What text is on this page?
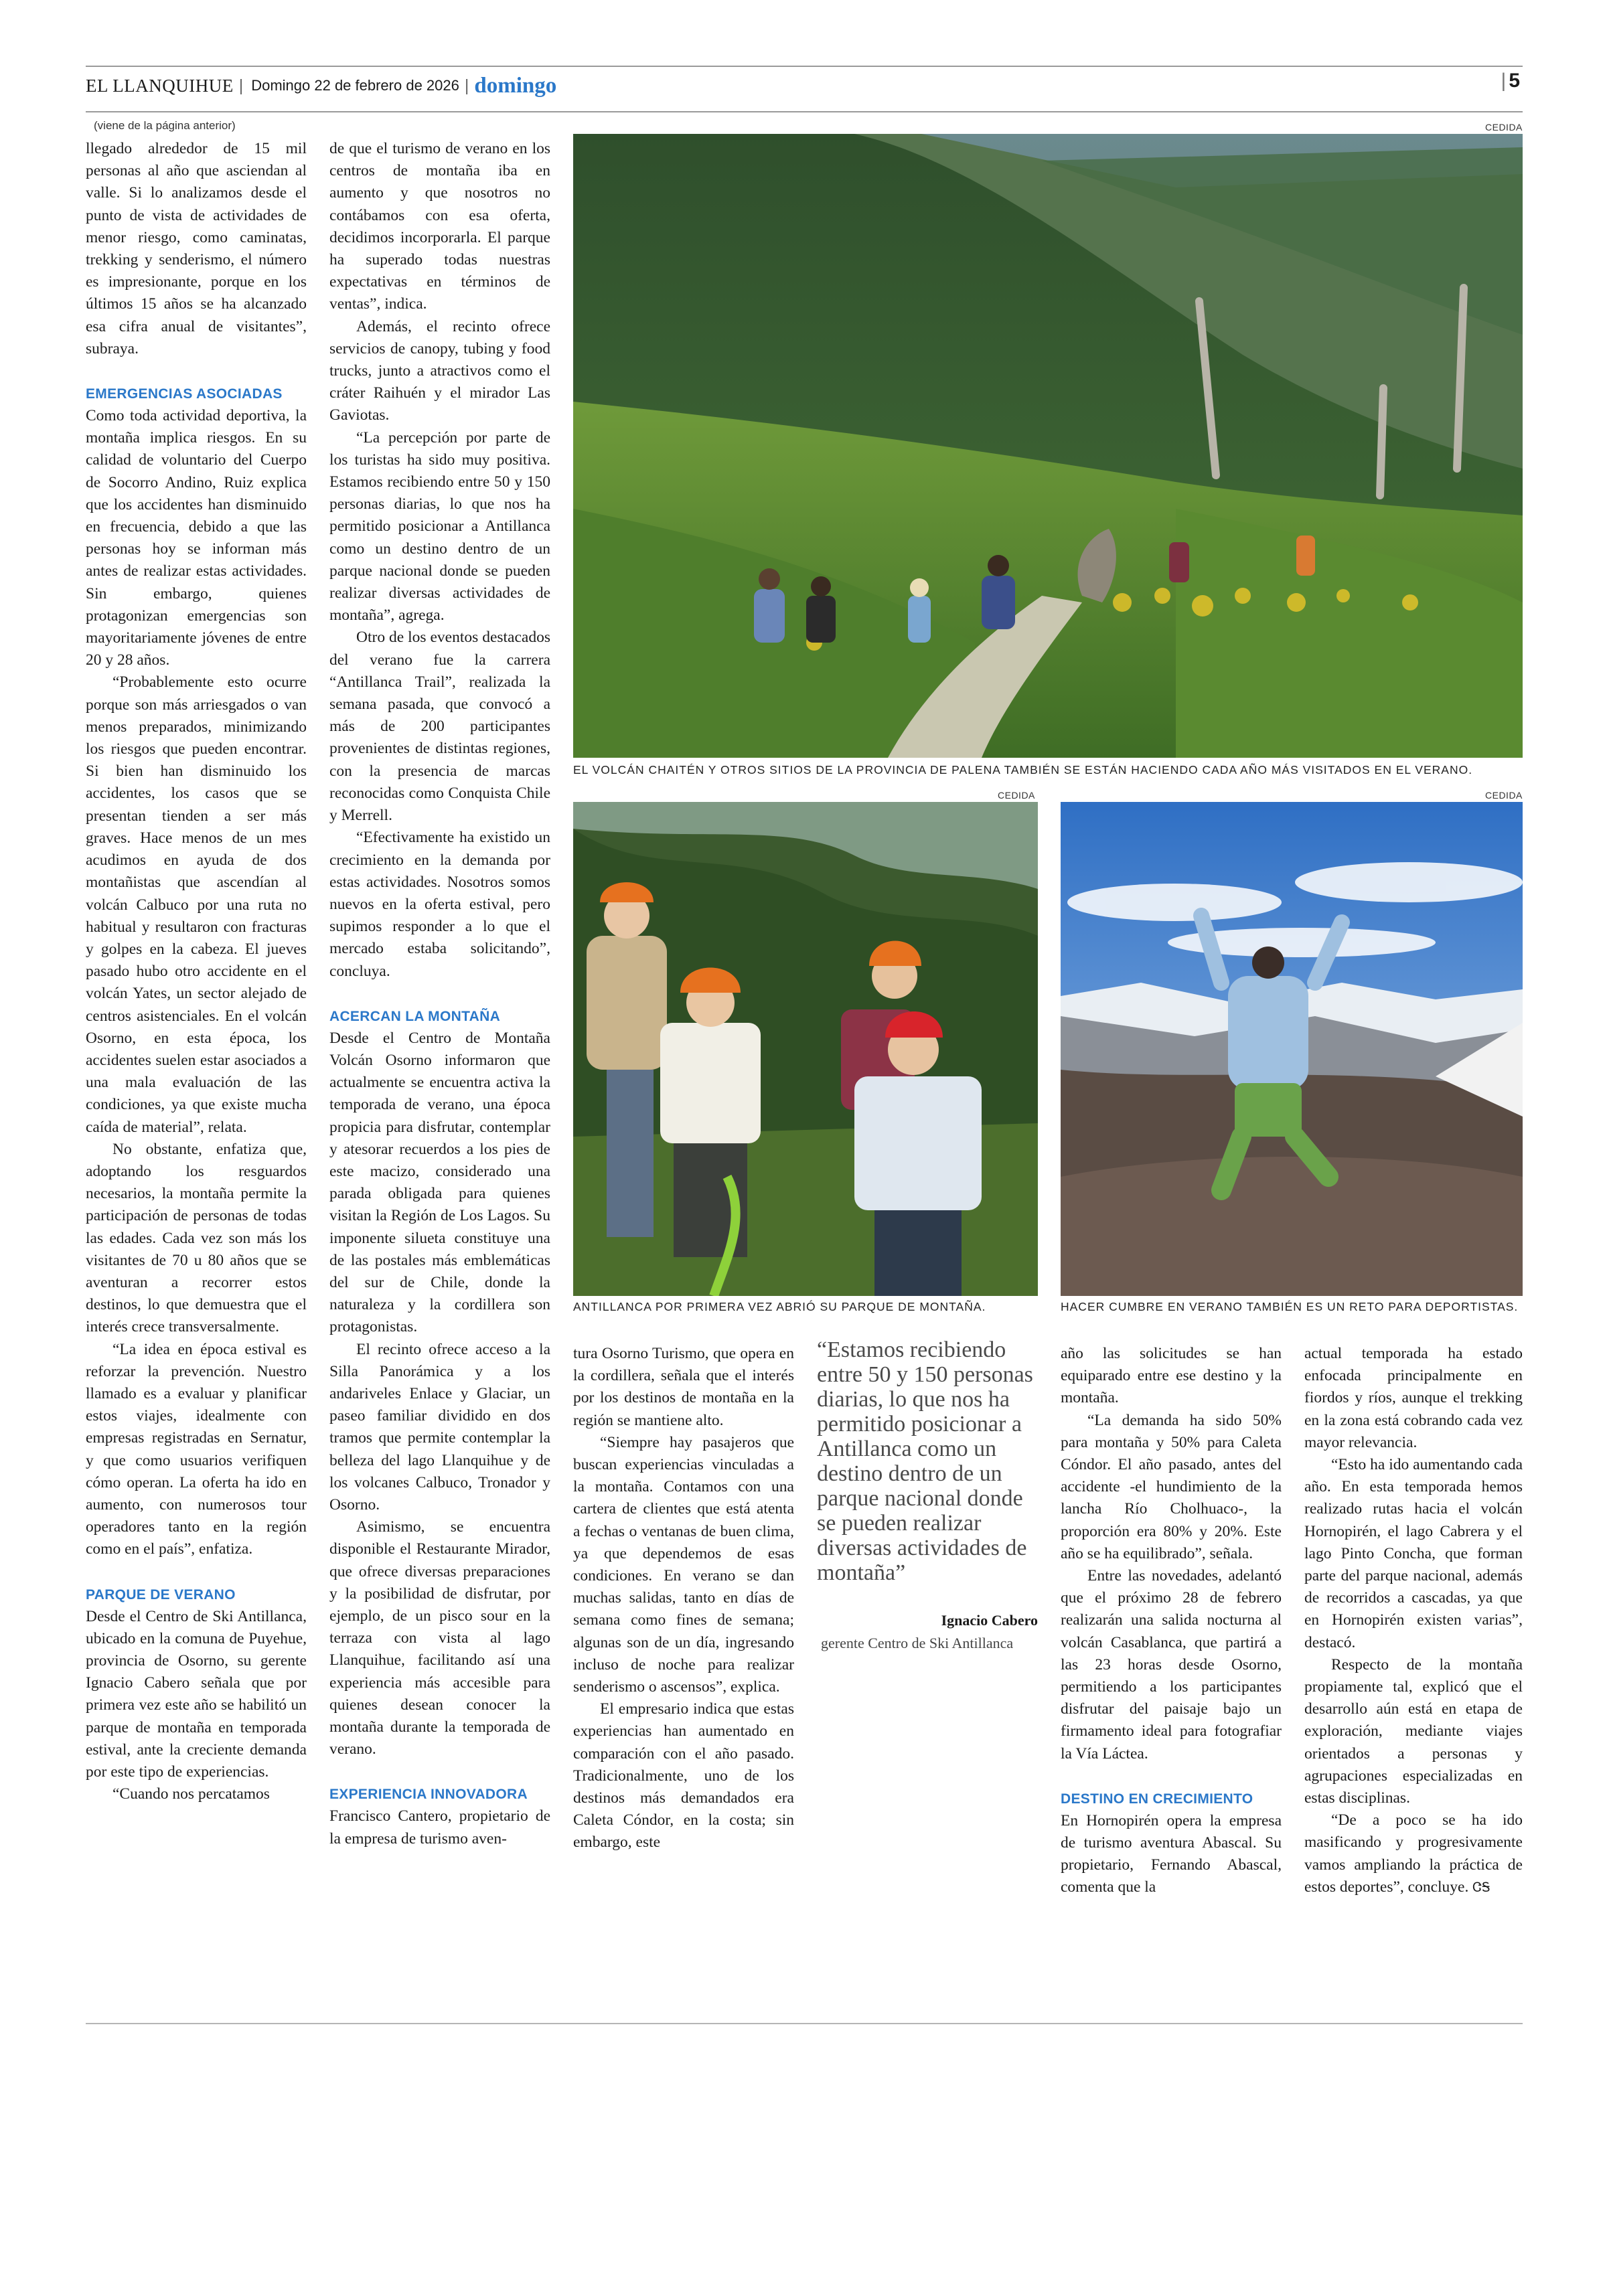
EL LLANQUIHUE | Domingo 22 de febrero de 2026 | domingo	| 5
(viene de la página anterior)

llegado alrededor de 15 mil personas al año que asciendan al valle. Si lo analizamos desde el punto de vista de actividades de menor riesgo, como caminatas, trekking y senderismo, el número es impresionante, porque en los últimos 15 años se ha alcanzado esa cifra anual de visitantes”, subraya.

EMERGENCIAS ASOCIADAS

Como toda actividad deportiva, la montaña implica riesgos. En su calidad de voluntario del Cuerpo de Socorro Andino, Ruiz explica que los accidentes han disminuido en frecuencia, debido a que las personas hoy se informan más antes de realizar estas actividades. Sin embargo, quienes protagonizan emergencias son mayoritariamente jóvenes de entre 20 y 28 años.

“Probablemente esto ocurre porque son más arriesgados o van menos preparados, minimizando los riesgos que pueden encontrar. Si bien han disminuido los accidentes, los casos que se presentan tienden a ser más graves. Hace menos de un mes acudimos en ayuda de dos montañistas que ascendían al volcán Calbuco por una ruta no habitual y resultaron con fracturas y golpes en la cabeza. El jueves pasado hubo otro accidente en el volcán Yates, un sector alejado de centros asistenciales. En el volcán Osorno, en esta época, los accidentes suelen estar asociados a una mala evaluación de las condiciones, ya que existe mucha caída de material”, relata.

No obstante, enfatiza que, adoptando los resguardos necesarios, la montaña permite la participación de personas de todas las edades. Cada vez son más los visitantes de 70 u 80 años que se aventuran a recorrer estos destinos, lo que demuestra que el interés crece transversalmente.

“La idea en época estival es reforzar la prevención. Nuestro llamado es a evaluar y planificar estos viajes, idealmente con empresas registradas en Sernatur, y que como usuarios verifiquen cómo operan. La oferta ha ido en aumento, con numerosos tour operadores tanto en la región como en el país”, enfatiza.

PARQUE DE VERANO

Desde el Centro de Ski Antillanca, ubicado en la comuna de Puyehue, provincia de Osorno, su gerente Ignacio Cabero señala que por primera vez este año se habilitó un parque de montaña en temporada estival, ante la creciente demanda por este tipo de experiencias.

“Cuando nos percatamos

de que el turismo de verano en los centros de montaña iba en aumento y que nosotros no contábamos con esa oferta, decidimos incorporarla. El parque ha superado todas nuestras expectativas en términos de ventas”, indica.

Además, el recinto ofrece servicios de canopy, tubing y food trucks, junto a atractivos como el cráter Raihuén y el mirador Las Gaviotas.

“La percepción por parte de los turistas ha sido muy positiva. Estamos recibiendo entre 50 y 150 personas diarias, lo que nos ha permitido posicionar a Antillanca como un destino dentro de un parque nacional donde se pueden realizar diversas actividades de montaña”, agrega.

Otro de los eventos destacados del verano fue la carrera “Antillanca Trail”, realizada la semana pasada, que convocó a más de 200 participantes provenientes de distintas regiones, con la presencia de marcas reconocidas como Conquista Chile y Merrell.

“Efectivamente ha existido un crecimiento en la demanda por estas actividades. Nosotros somos nuevos en la oferta estival, pero supimos responder a lo que el mercado estaba solicitando”, concluya.

ACERCAN LA MONTAÑA

Desde el Centro de Montaña Volcán Osorno informaron que actualmente se encuentra activa la temporada de verano, una época propicia para disfrutar, contemplar y atesorar recuerdos a los pies de este macizo, considerado una parada obligada para quienes visitan la Región de Los Lagos. Su imponente silueta constituye una de las postales más emblemáticas del sur de Chile, donde la naturaleza y la cordillera son protagonistas.

El recinto ofrece acceso a la Silla Panorámica y a los andariveles Enlace y Glaciar, un paseo familiar dividido en dos tramos que permite contemplar la belleza del lago Llanquihue y de los volcanes Calbuco, Tronador y Osorno.

Asimismo, se encuentra disponible el Restaurante Mirador, que ofrece diversas preparaciones y la posibilidad de disfrutar, por ejemplo, de un pisco sour en la terraza con vista al lago Llanquihue, facilitando así una experiencia más accesible para quienes desean conocer la montaña durante la temporada de verano.

EXPERIENCIA INNOVADORA

Francisco Cantero, propietario de la empresa de turismo aven-

CEDIDA
EL VOLCÁN CHAITÉN Y OTROS SITIOS DE LA PROVINCIA DE PALENA TAMBIÉN SE ESTÁN HACIENDO CADA AÑO MÁS VISITADOS EN EL VERANO.
CEDIDA
ANTILLANCA POR PRIMERA VEZ ABRIÓ SU PARQUE DE MONTAÑA.
CEDIDA
HACER CUMBRE EN VERANO TAMBIÉN ES UN RETO PARA DEPORTISTAS.

tura Osorno Turismo, que opera en la cordillera, señala que el interés por los destinos de montaña en la región se mantiene alto.

“Siempre hay pasajeros que buscan experiencias vinculadas a la montaña. Contamos con una cartera de clientes que está atenta a fechas o ventanas de buen clima, ya que dependemos de esas condiciones. En verano se dan muchas salidas, tanto en días de semana como fines de semana; algunas son de un día, ingresando incluso de noche para realizar senderismo o ascensos”, explica.

El empresario indica que estas experiencias han aumentado en comparación con el año pasado. Tradicionalmente, uno de los destinos más demandados era Caleta Cóndor, en la costa; sin embargo, este

“Estamos recibiendo entre 50 y 150 personas diarias, lo que nos ha permitido posicionar a Antillanca como un destino dentro de un parque nacional donde se pueden realizar diversas actividades de montaña”
Ignacio Cabero
gerente Centro de Ski Antillanca

año las solicitudes se han equiparado entre ese destino y la montaña.

“La demanda ha sido 50% para montaña y 50% para Caleta Cóndor. El año pasado, antes del accidente -el hundimiento de la lancha Río Cholhuaco-, la proporción era 80% y 20%. Este año se ha equilibrado”, señala.

Entre las novedades, adelantó que el próximo 28 de febrero realizarán una salida nocturna al volcán Casablanca, que partirá a las 23 horas desde Osorno, permitiendo a los participantes disfrutar del paisaje bajo un firmamento ideal para fotografiar la Vía Láctea.

DESTINO EN CRECIMIENTO

En Hornopirén opera la empresa de turismo aventura Abascal. Su propietario, Fernando Abascal, comenta que la

actual temporada ha estado enfocada principalmente en fiordos y ríos, aunque el trekking en la zona está cobrando cada vez mayor relevancia.

“Esto ha ido aumentando cada año. En esta temporada hemos realizado rutas hacia el volcán Hornopirén, el lago Cabrera y el lago Pinto Concha, que forman parte del parque nacional, además de recorridos a cascadas, ya que en Hornopirén existen varias”, destacó.

Respecto de la montaña propiamente tal, explicó que el desarrollo aún está en etapa de exploración, mediante viajes orientados a personas y agrupaciones especializadas en estas disciplinas.

“De a poco se ha ido masificando y progresivamente vamos ampliando la práctica de estos deportes”, concluye. ᏣᎦ
